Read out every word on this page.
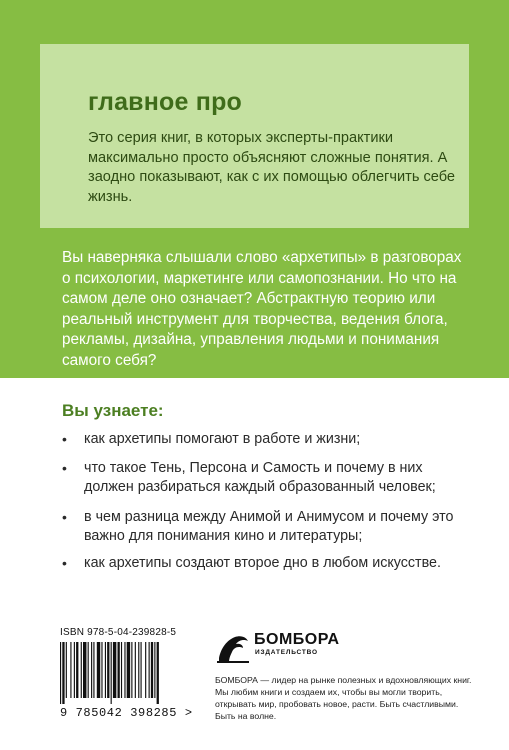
главное про

Это серия книг, в которых эксперты-практики максимально просто объясняют сложные понятия. А заодно показывают, как с их помощью облегчить себе жизнь.

Вы наверняка слышали слово «архетипы» в разговорах о психологии, маркетинге или самопознании. Но что на самом деле оно означает? Абстрактную теорию или реальный инструмент для творчества, ведения блога, рекламы, дизайна, управления людьми и понимания самого себя?

Вы узнаете:
• как архетипы помогают в работе и жизни;
• что такое Тень, Персона и Самость и почему в них должен разбираться каждый образованный человек;
• в чем разница между Анимой и Анимусом и почему это важно для понимания кино и литературы;
• как архетипы создают второе дно в любом искусстве.

ISBN 978-5-04-239828-5

9 785042 398285 >

БОМБОРА

ИЗДАТЕЛЬСТВО

БОМБОРА — лидер на рынке полезных и вдохновляющих книг. Мы любим книги и создаем их, чтобы вы могли творить, открывать мир, пробовать новое, расти. Быть счастливыми. Быть на волне.
